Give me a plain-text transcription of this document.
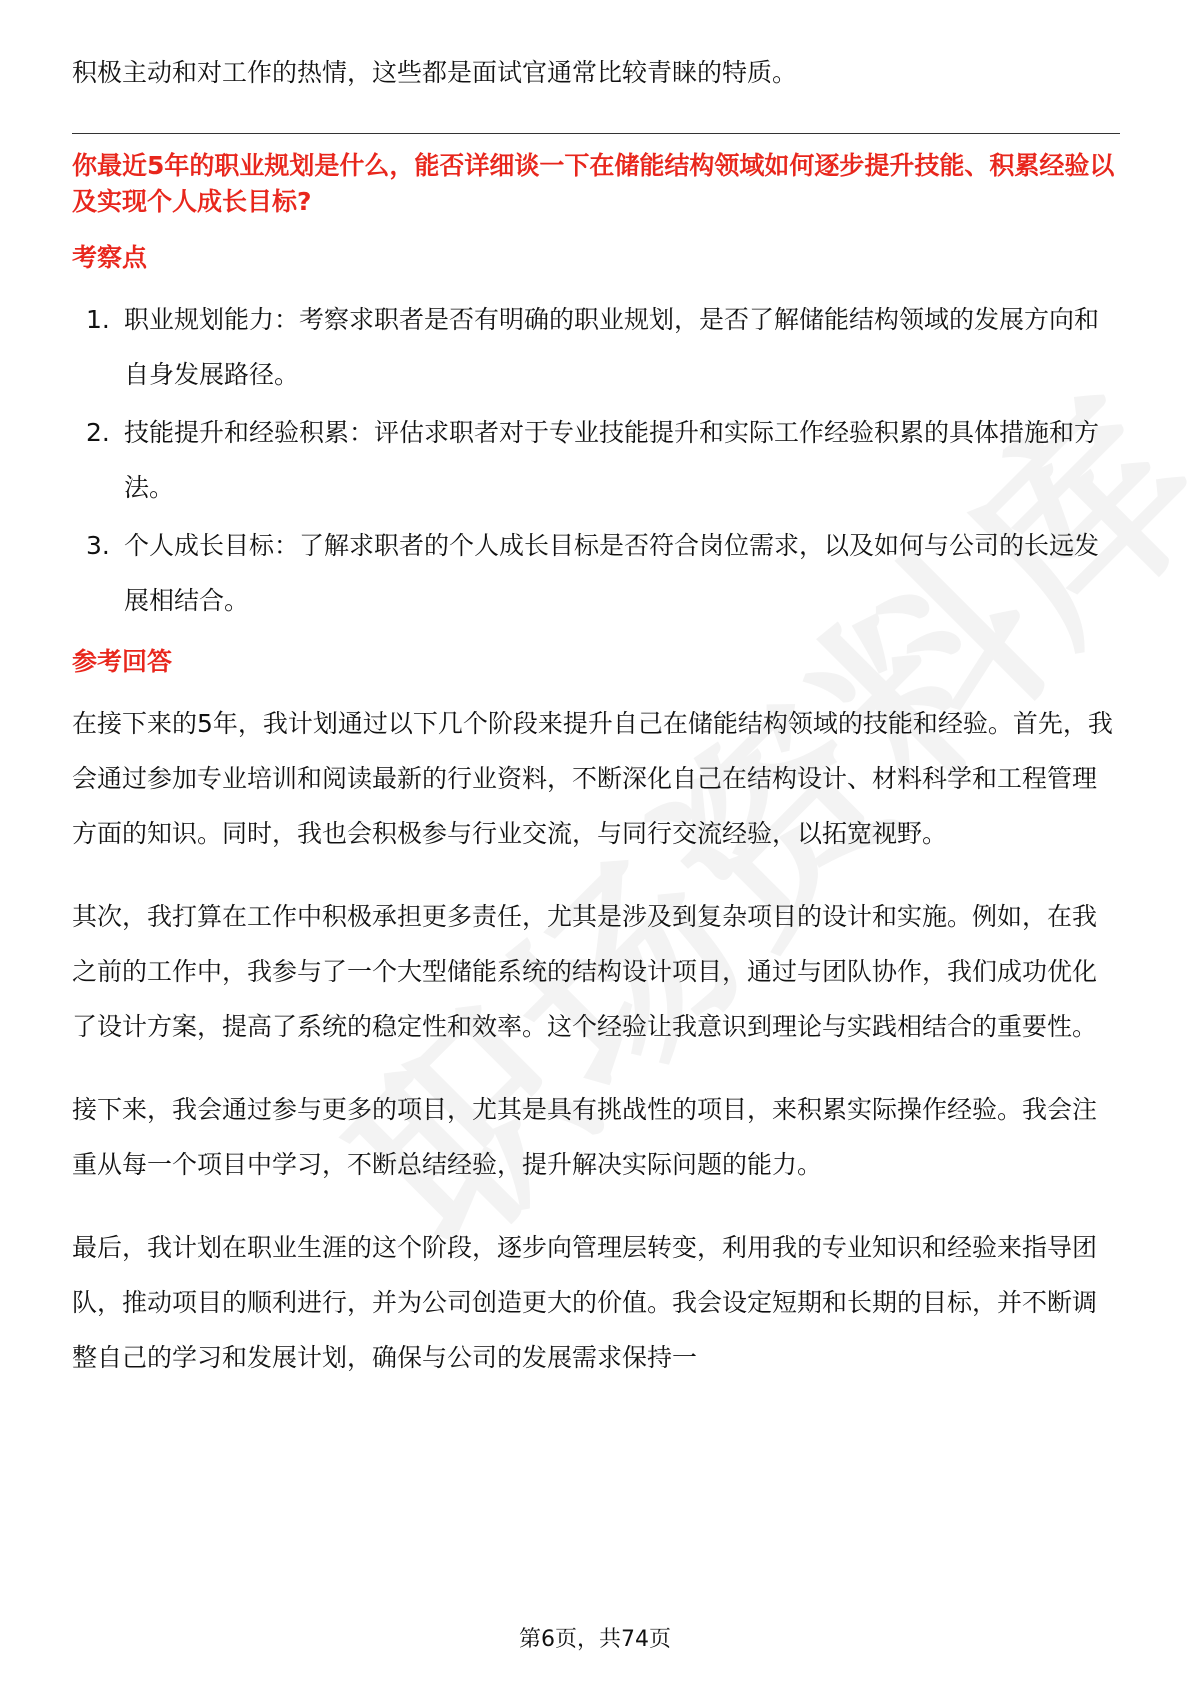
积极主动和对工作的热情，这些都是面试官通常比较青睐的特质。

你最近5年的职业规划是什么，能否详细谈一下在储能结构领域如何逐步提升技能、积累经验以及实现个人成长目标?
考察点
1. 职业规划能力：考察求职者是否有明确的职业规划，是否了解储能结构领域的发展方向和自身发展路径。
2. 技能提升和经验积累：评估求职者对于专业技能提升和实际工作经验积累的具体措施和方法。
3. 个人成长目标：了解求职者的个人成长目标是否符合岗位需求，以及如何与公司的长远发展相结合。
参考回答

在接下来的5年，我计划通过以下几个阶段来提升自己在储能结构领域的技能和经验。首先，我会通过参加专业培训和阅读最新的行业资料，不断深化自己在结构设计、材料科学和工程管理方面的知识。同时，我也会积极参与行业交流，与同行交流经验，以拓宽视野。

其次，我打算在工作中积极承担更多责任，尤其是涉及到复杂项目的设计和实施。例如，在我之前的工作中，我参与了一个大型储能系统的结构设计项目，通过与团队协作，我们成功优化了设计方案，提高了系统的稳定性和效率。这个经验让我意识到理论与实践相结合的重要性。

接下来，我会通过参与更多的项目，尤其是具有挑战性的项目，来积累实际操作经验。我会注重从每一个项目中学习，不断总结经验，提升解决实际问题的能力。

最后，我计划在职业生涯的这个阶段，逐步向管理层转变，利用我的专业知识和经验来指导团队，推动项目的顺利进行，并为公司创造更大的价值。我会设定短期和长期的目标，并不断调整自己的学习和发展计划，确保与公司的发展需求保持一

第6页，共74页
